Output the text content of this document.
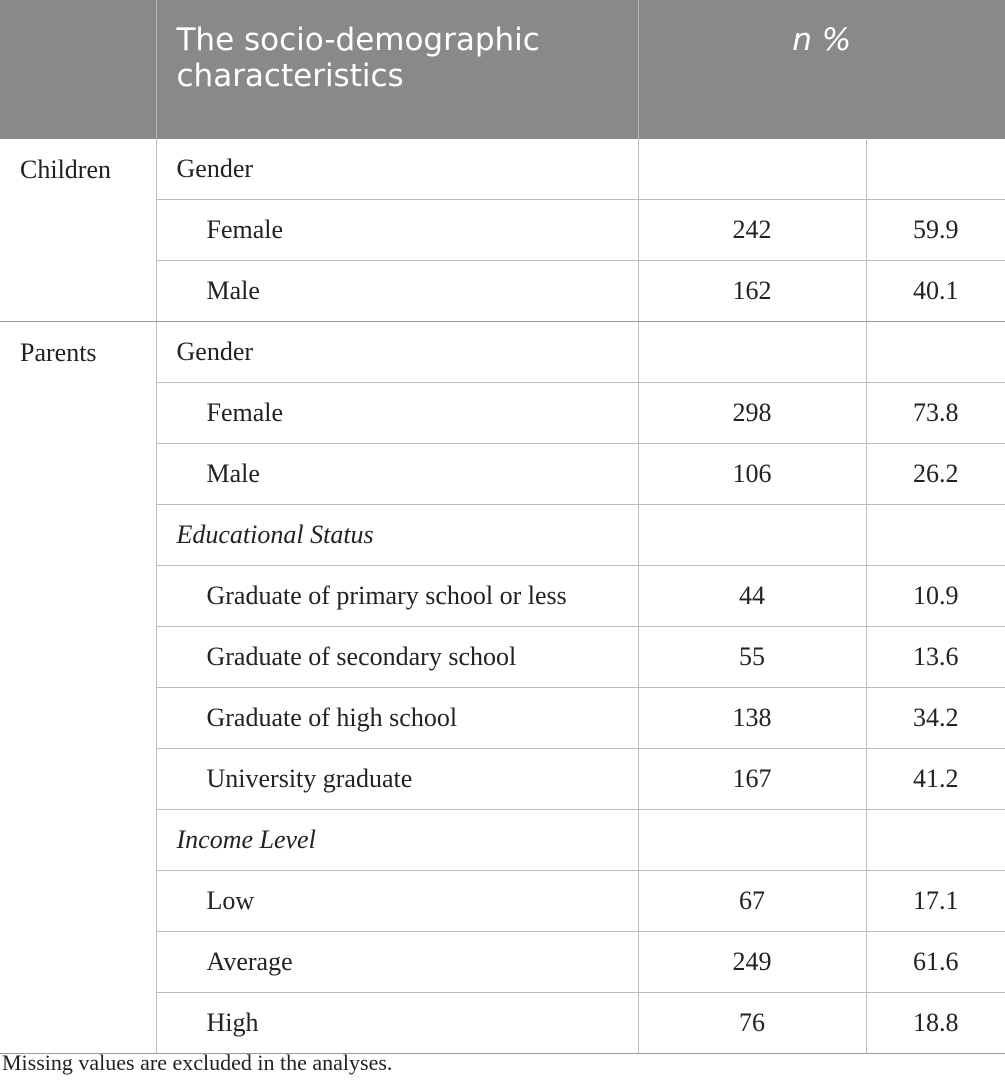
	The socio-demographic characteristics	n %	
Children	Gender		
	Female	242	59.9
	Male	162	40.1
Parents	Gender		
	Female	298	73.8
	Male	106	26.2
	Educational Status		
	Graduate of primary school or less	44	10.9
	Graduate of secondary school	55	13.6
	Graduate of high school	138	34.2
	University graduate	167	41.2
	Income Level		
	Low	67	17.1
	Average	249	61.6
	High	76	18.8
Missing values are excluded in the analyses.
